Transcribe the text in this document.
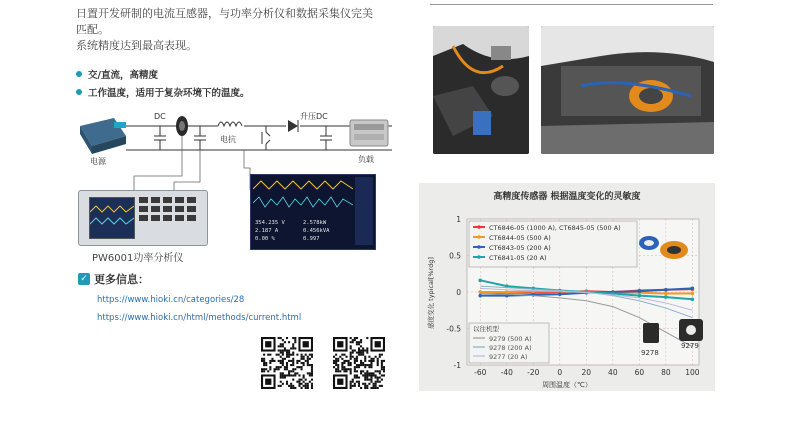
日置开发研制的电流互感器，与功率分析仪和数据采集仪完美

匹配。

系统精度达到最高表现。

交/直流，高精度
工作温度，适用于复杂环境下的温度。
电源
DC
电抗
升压DC
负载
PW6001功率分析仪
354.235 V	2.578kW
2.187 A	0.456kVA
0.00 %	0.997
✓ 更多信息：
https://www.hioki.cn/categories/28
https://www.hioki.cn/html/methods/current.html
高精度传感器 根据温度变化的灵敏度
-60 -40 -20 0	20 40 60 80 100
1
0.5
0
-0.5
-1
周围温度（℃）
感度变化 typical[%rdg]
CT6846-05 (1000 A), CT6845-05 (500 A)
CT6844-05 (500 A)
CT6843-05 (200 A)
CT6841-05 (20 A)
以往机型
9279 (500 A)
9278 (200 A)
9277 (20 A)	9278
9279
